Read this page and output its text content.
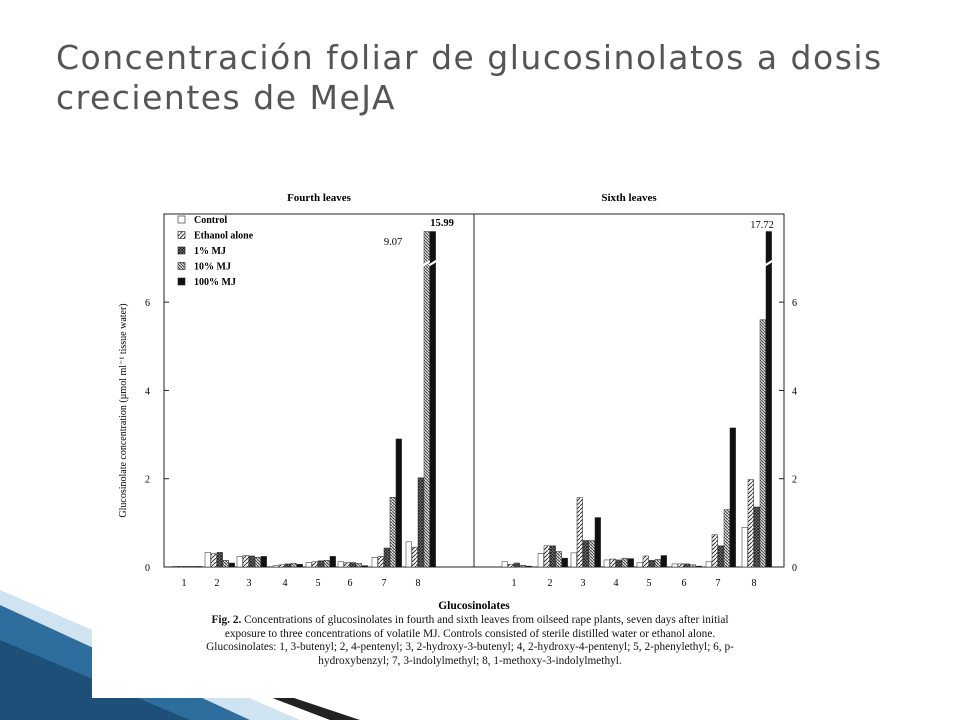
Concentración foliar de glucosinolatos a dosis crecientes de MeJA
0	0
2	2
4	4
6	6
Glucosinolate concentration (µmol ml⁻¹ tissue water)
Glucosinolates
Fourth leaves
1	2	3	4	5	6	7	8
Sixth leaves
1	2	3	4	5	6	7	8
9.07
15.99	17.72
Control
Ethanol alone
1% MJ
10% MJ
100% MJ
Fig. 2. Concentrations of glucosinolates in fourth and sixth leaves from oilseed rape plants, seven days after initial
exposure to three concentrations of volatile MJ. Controls consisted of sterile distilled water or ethanol alone.
Glucosinolates: 1, 3-butenyl; 2, 4-pentenyl; 3, 2-hydroxy-3-butenyl; 4, 2-hydroxy-4-pentenyl; 5, 2-phenylethyl; 6, p-
hydroxybenzyl; 7, 3-indolylmethyl; 8, 1-methoxy-3-indolylmethyl.
